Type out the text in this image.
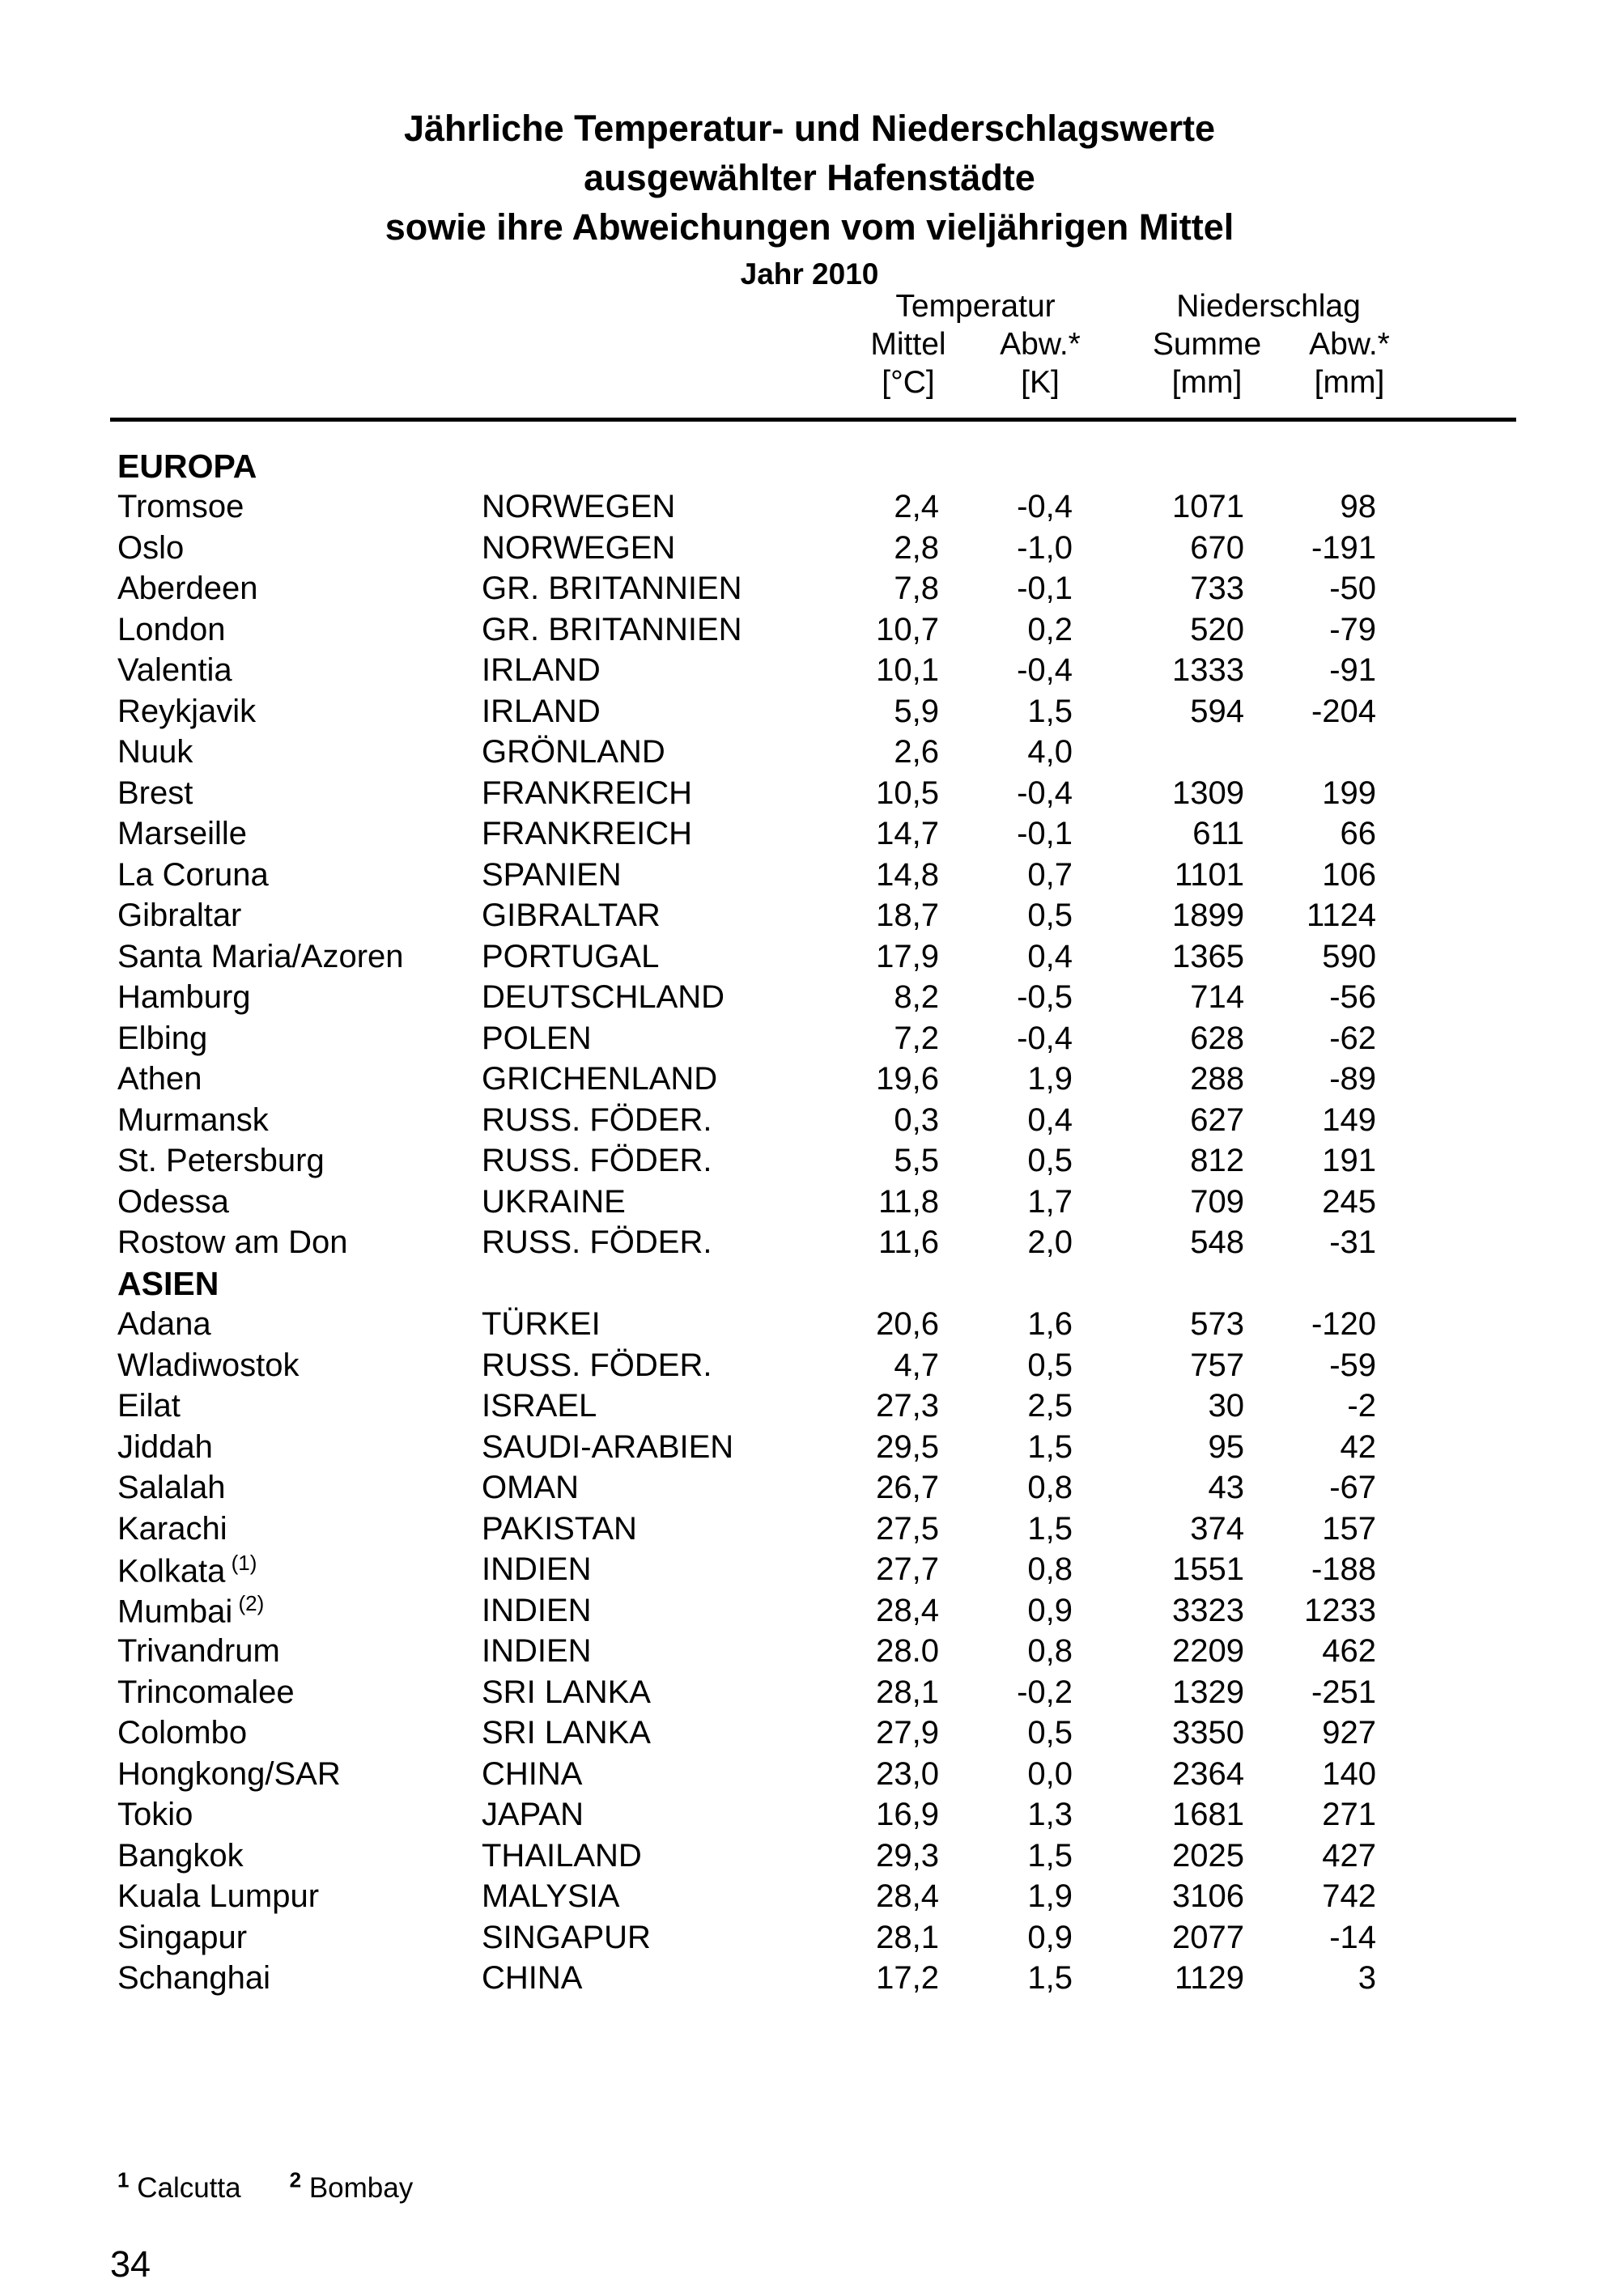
Jährliche Temperatur- und Niederschlagswerte
ausgewählter Hafenstädte
sowie ihre Abweichungen vom vieljährigen Mittel
Jahr 2010
Temperatur	Niederschlag
Mittel Abw.* Summe Abw.*
[°C]	[K]	[mm] [mm]
EUROPA						
Tromsoe	NORWEGEN	2,4	-0,4	1071	98	
Oslo	NORWEGEN	2,8	-1,0	670	-191	
Aberdeen	GR. BRITANNIEN	7,8	-0,1	733	-50	
London	GR. BRITANNIEN	10,7	0,2	520	-79	
Valentia	IRLAND	10,1	-0,4	1333	-91	
Reykjavik	IRLAND	5,9	1,5	594	-204	
Nuuk	GRÖNLAND	2,6	4,0			
Brest	FRANKREICH	10,5	-0,4	1309	199	
Marseille	FRANKREICH	14,7	-0,1	611	66	
La Coruna	SPANIEN	14,8	0,7	1101	106	
Gibraltar	GIBRALTAR	18,7	0,5	1899	1124	
Santa Maria/Azoren	PORTUGAL	17,9	0,4	1365	590	
Hamburg	DEUTSCHLAND	8,2	-0,5	714	-56	
Elbing	POLEN	7,2	-0,4	628	-62	
Athen	GRICHENLAND	19,6	1,9	288	-89	
Murmansk	RUSS. FÖDER.	0,3	0,4	627	149	
St. Petersburg	RUSS. FÖDER.	5,5	0,5	812	191	
Odessa	UKRAINE	11,8	1,7	709	245	
Rostow am Don	RUSS. FÖDER.	11,6	2,0	548	-31	
ASIEN						
Adana	TÜRKEI	20,6	1,6	573	-120	
Wladiwostok	RUSS. FÖDER.	4,7	0,5	757	-59	
Eilat	ISRAEL	27,3	2,5	30	-2	
Jiddah	SAUDI-ARABIEN	29,5	1,5	95	42	
Salalah	OMAN	26,7	0,8	43	-67	
Karachi	PAKISTAN	27,5	1,5	374	157	
Kolkata $^{(1)}$	INDIEN	27,7	0,8	1551	-188	
Mumbai $^{(2)}$	INDIEN	28,4	0,9	3323	1233	
Trivandrum	INDIEN	28.0	0,8	2209	462	
Trincomalee	SRI LANKA	28,1	-0,2	1329	-251	
Colombo	SRI LANKA	27,9	0,5	3350	927	
Hongkong/SAR	CHINA	23,0	0,0	2364	140	
Tokio	JAPAN	16,9	1,3	1681	271	
Bangkok	THAILAND	29,3	1,5	2025	427	
Kuala Lumpur	MALYSIA	28,4	1,9	3106	742	
Singapur	SINGAPUR	28,1	0,9	2077	-14	
Schanghai	CHINA	17,2	1,5	1129	3	
$^1$ Calcutta $^2$ Bombay
34
